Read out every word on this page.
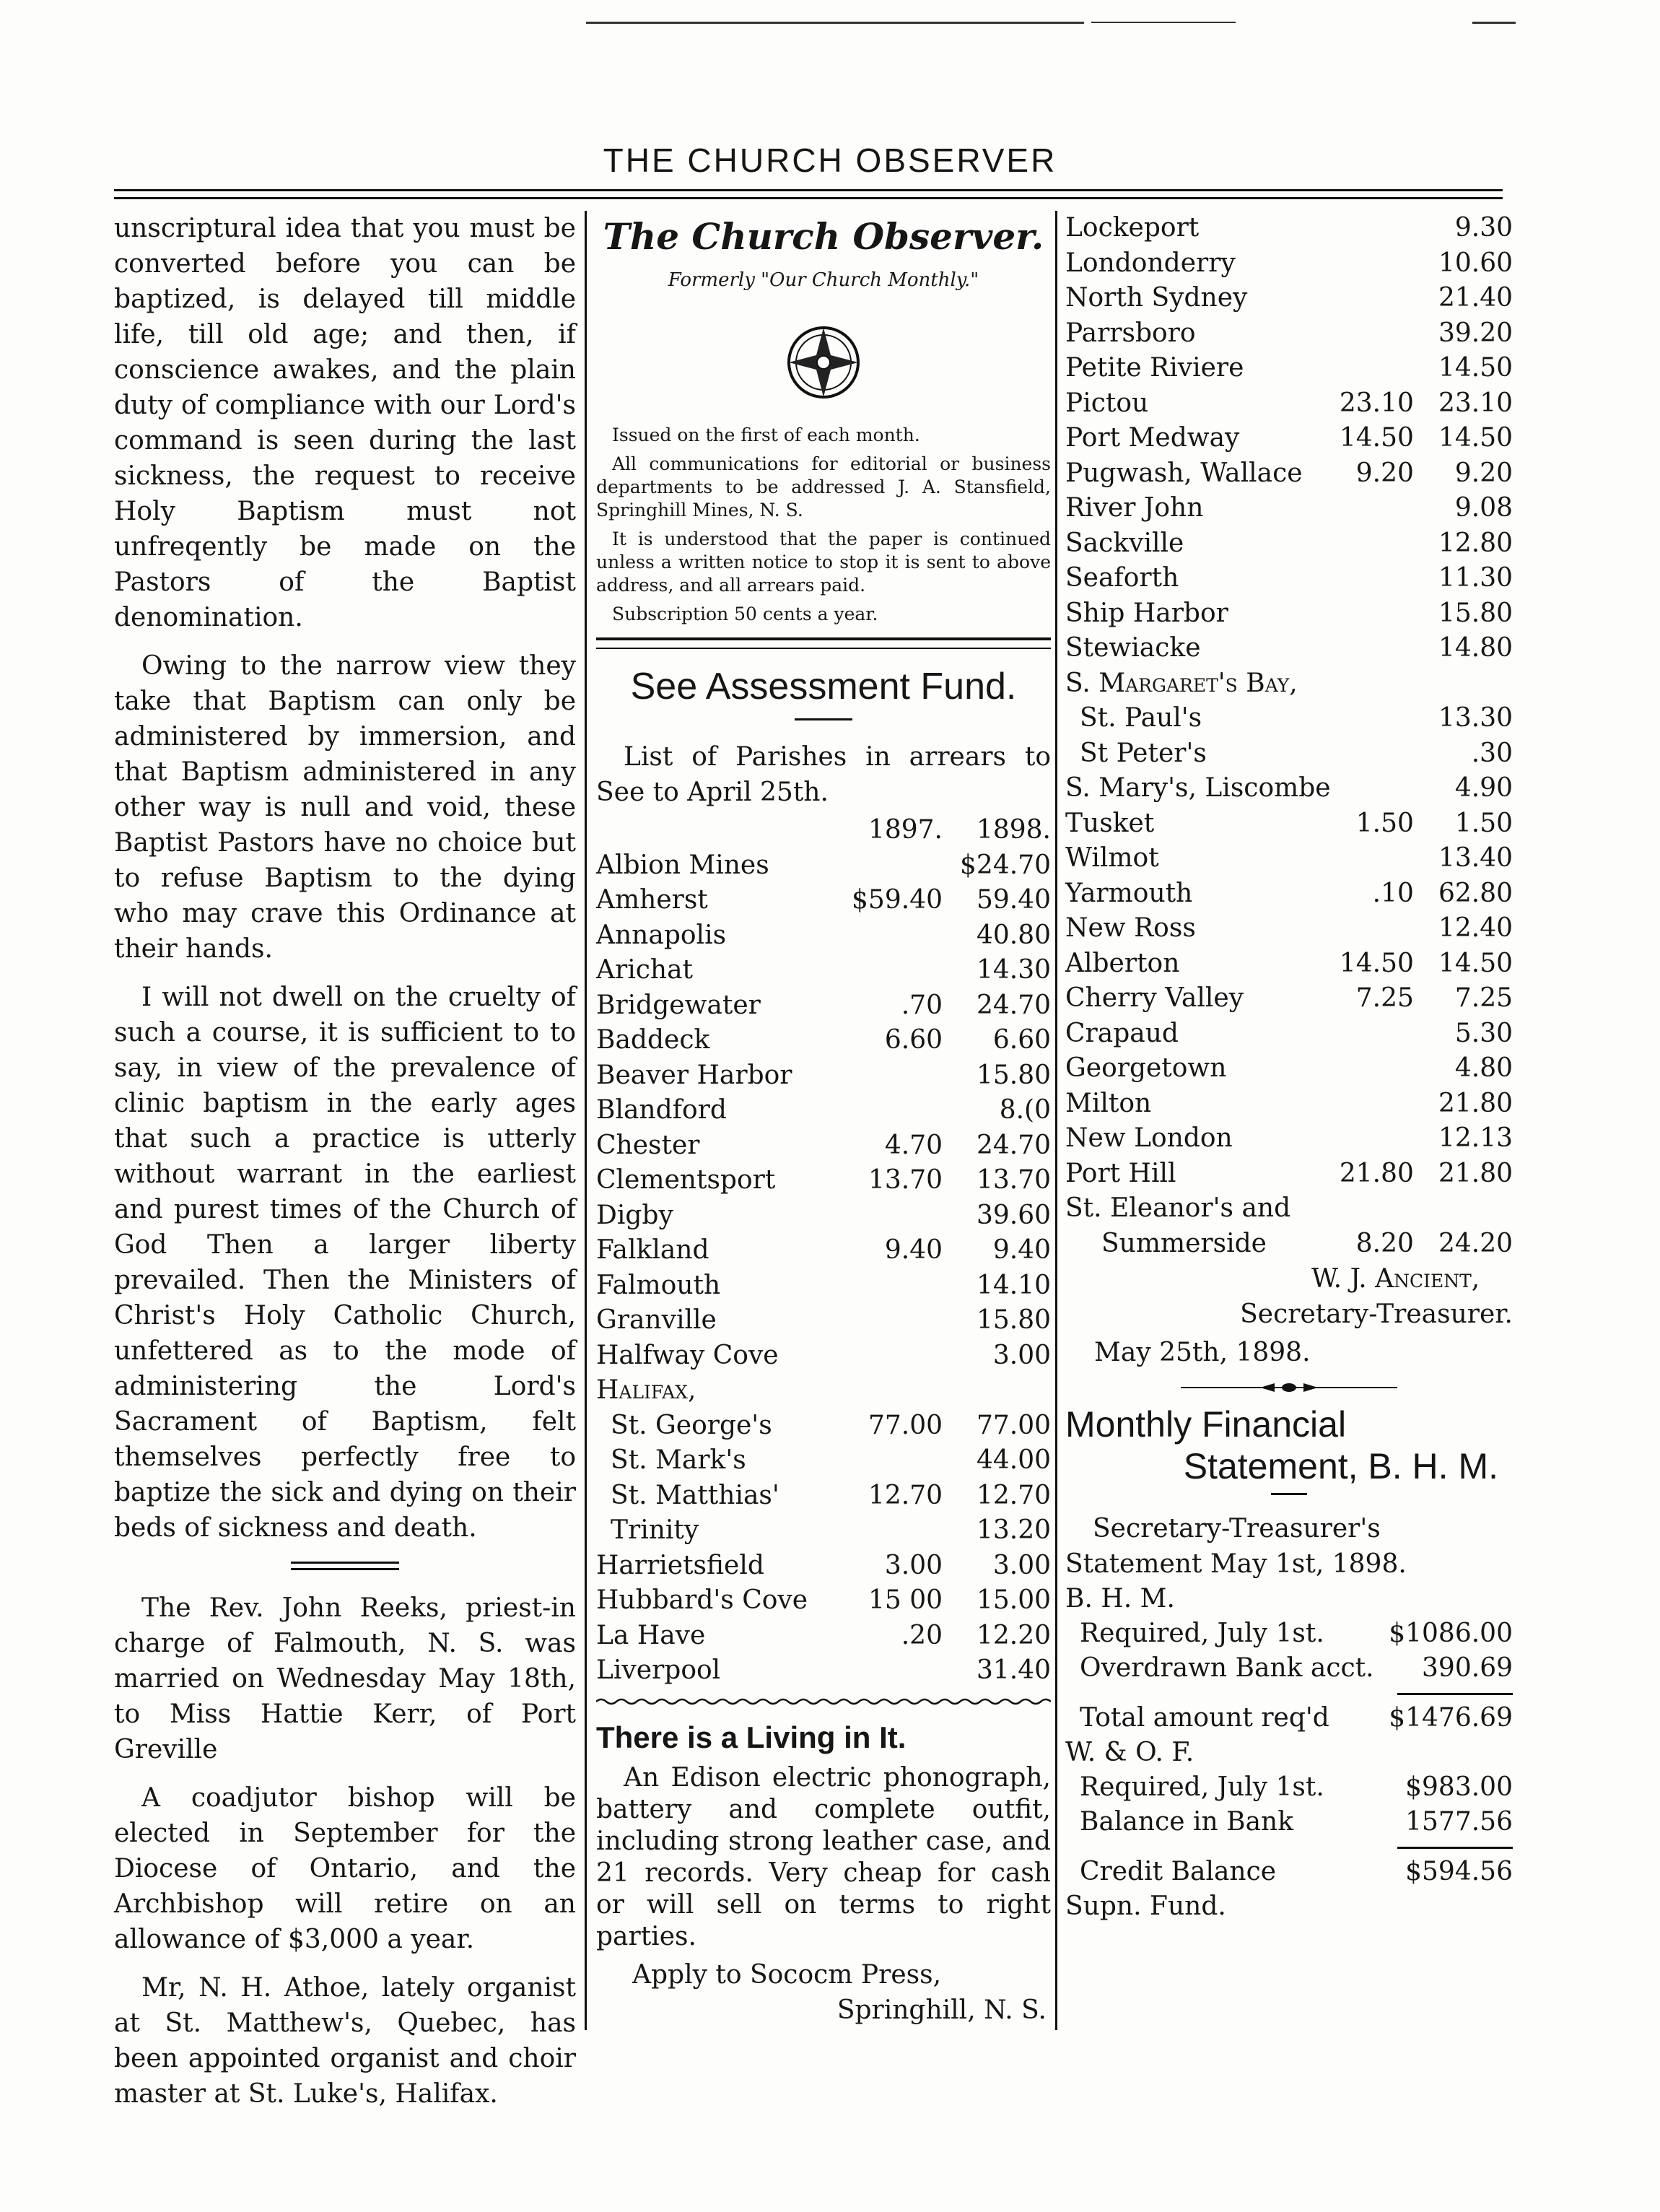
THE CHURCH OBSERVER

unscriptural idea that you must be converted before you can be baptized, is delayed till middle life, till old age; and then, if conscience awakes, and the plain duty of compliance with our Lord's command is seen during the last sickness, the request to receive Holy Baptism must not unfreqently be made on the Pastors of the Baptist denomination.

Owing to the narrow view they take that Baptism can only be administered by immersion, and that Baptism administered in any other way is null and void, these Baptist Pastors have no choice but to refuse Baptism to the dying who may crave this Ordinance at their hands.

I will not dwell on the cruelty of such a course, it is sufficient to to say, in view of the prevalence of clinic baptism in the early ages that such a practice is utterly without warrant in the earliest and purest times of the Church of God Then a larger liberty prevailed. Then the Ministers of Christ's Holy Catholic Church, unfettered as to the mode of administering the Lord's Sacrament of Baptism, felt themselves perfectly free to baptize the sick and dying on their beds of sickness and death.

The Rev. John Reeks, priest-in charge of Falmouth, N. S. was married on Wednesday May 18th, to Miss Hattie Kerr, of Port Greville

A coadjutor bishop will be elected in September for the Diocese of Ontario, and the Archbishop will retire on an allowance of $3,000 a year.

Mr, N. H. Athoe, lately organist at St. Matthew's, Quebec, has been appointed organist and choir master at St. Luke's, Halifax.

The Church Observer.
Formerly "Our Church Monthly."

Issued on the first of each month.

All communications for editorial or business departments to be addressed J. A. Stansfield, Springhill Mines, N. S.

It is understood that the paper is continued unless a written notice to stop it is sent to above address, and all arrears paid.

Subscription 50 cents a year.

See Assessment Fund.

List of Parishes in arrears to See to April 25th.

	1897.	1898.
Albion Mines		$24.70
Amherst	$59.40	59.40
Annapolis		40.80
Arichat		14.30
Bridgewater	.70	24.70
Baddeck	6.60	6.60
Beaver Harbor		15.80
Blandford		8.(0
Chester	4.70	24.70
Clementsport	13.70	13.70
Digby		39.60
Falkland	9.40	9.40
Falmouth		14.10
Granville		15.80
Halfway Cove		3.00
Halifax,		
St. George's	77.00	77.00
St. Mark's		44.00
St. Matthias'	12.70	12.70
Trinity		13.20
Harrietsfield	3.00	3.00
Hubbard's Cove	15 00	15.00
La Have	.20	12.20
Liverpool		31.40
There is a Living in It.

An Edison electric phonograph, battery and complete outfit, including strong leather case, and 21 records. Very cheap for cash or will sell on terms to right parties.

Apply to Sococm Press,

Springhill, N. S.

Lockeport		9.30
Londonderry		10.60
North Sydney		21.40
Parrsboro		39.20
Petite Riviere		14.50
Pictou	23.10	23.10
Port Medway	14.50	14.50
Pugwash, Wallace	9.20	9.20
River John		9.08
Sackville		12.80
Seaforth		11.30
Ship Harbor		15.80
Stewiacke		14.80
S. Margaret's Bay,		
St. Paul's		13.30
St Peter's		.30
S. Mary's, Liscombe		4.90
Tusket	1.50	1.50
Wilmot		13.40
Yarmouth	.10	62.80
New Ross		12.40
Alberton	14.50	14.50
Cherry Valley	7.25	7.25
Crapaud		5.30
Georgetown		4.80
Milton		21.80
New London		12.13
Port Hill	21.80	21.80
St. Eleanor's and		
Summerside	8.20	24.20

W. J. Ancient,

Secretary-Treasurer.

May 25th, 1898.

Monthly Financial
Statement, B. H. M.

Secretary-Treasurer's Statement May 1st, 1898.

B. H. M.	
Required, July 1st.	$1086.00
Overdrawn Bank acct.	390.69

Total amount req'd	$1476.69
W. & O. F.	
Required, July 1st.	$983.00
Balance in Bank	1577.56

Credit Balance	$594.56
Supn. Fund.	
